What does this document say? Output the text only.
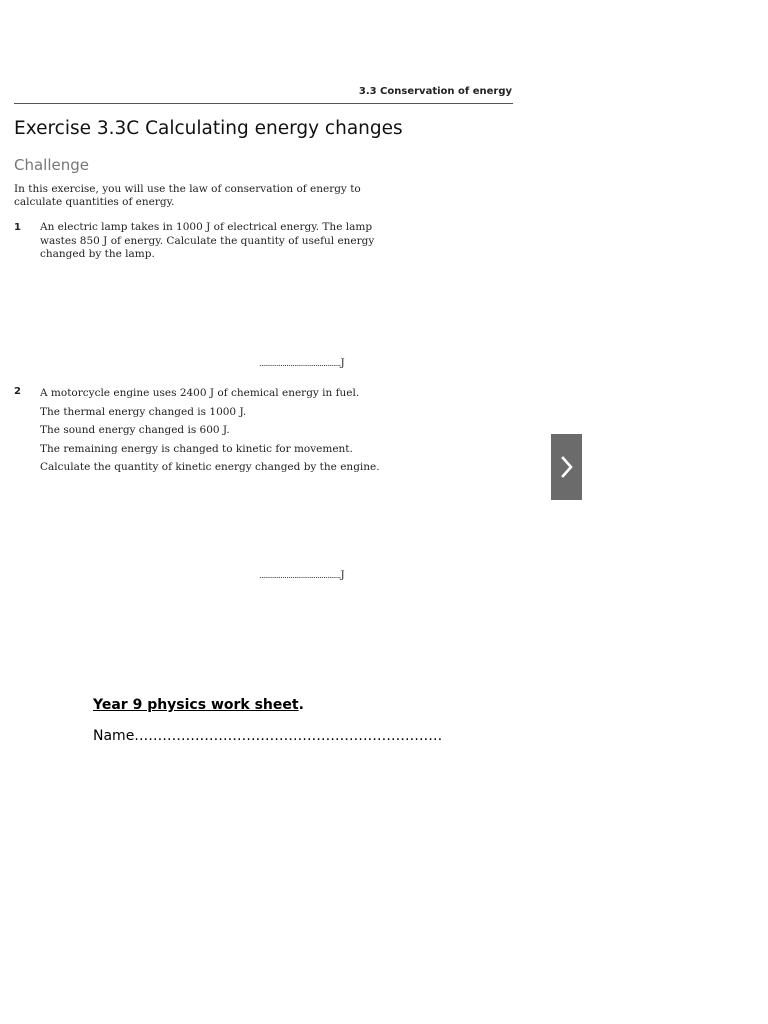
3.3 Conservation of energy
Exercise 3.3C Calculating energy changes
Challenge
In this exercise, you will use the law of conservation of energy to
calculate quantities of energy.
1 An electric lamp takes in 1000 J of electrical energy. The lamp
wastes 850 J of energy. Calculate the quantity of useful energy
changed by the lamp.
..........................................J
2 A motorcycle engine uses 2400 J of chemical energy in fuel.
The thermal energy changed is 1000 J.
The sound energy changed is 600 J.
The remaining energy is changed to kinetic for movement.
Calculate the quantity of kinetic energy changed by the engine.
..........................................J
Year 9 physics work sheet.
Name…………………………………………………………
